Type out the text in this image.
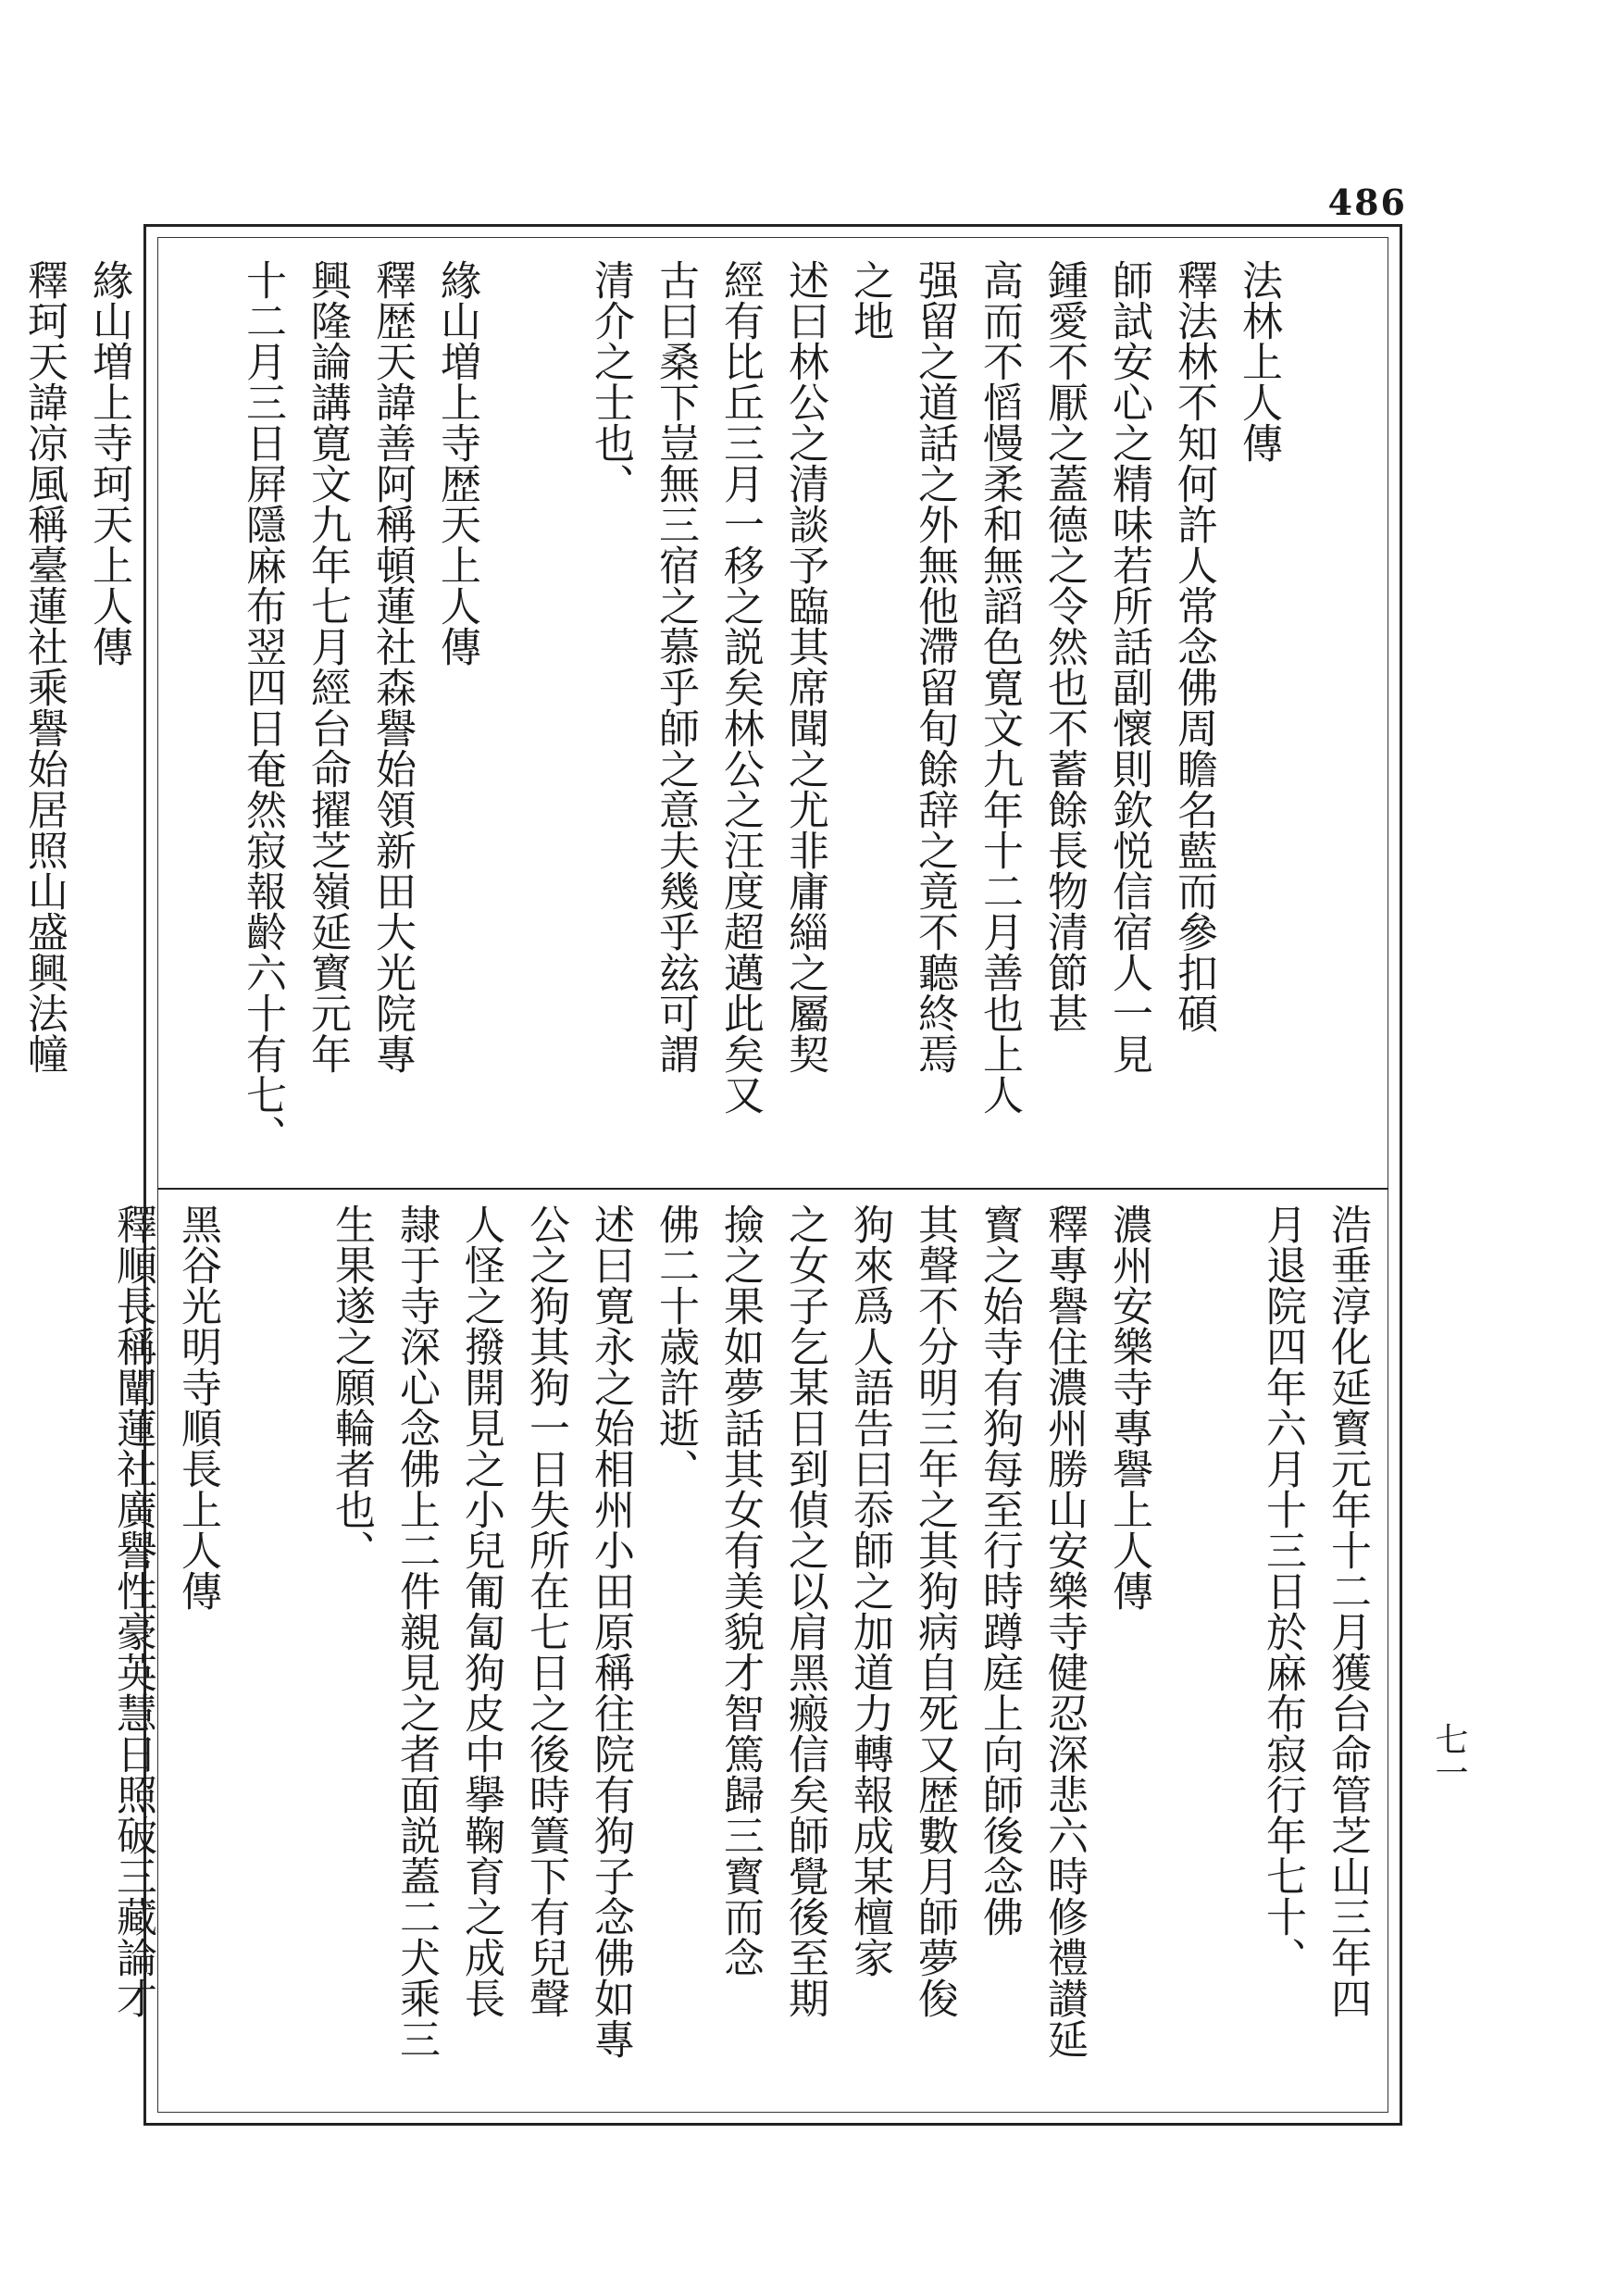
486
七一
法林上人傳
釋法林不知何許人常念佛周瞻名藍而參扣碩
師試安心之精味若所話副懷則欽悦信宿人一見
鍾愛不厭之蓋德之令然也不蓄餘長物清節甚
高而不慆慢柔和無謟色寛文九年十二月善也上人
强留之道話之外無他滯留旬餘辞之竟不聽終焉
之地
述曰林公之清談予臨其席聞之尤非庸緇之屬契
經有比丘三月一移之説矣林公之汪度超邁此矣又
古曰桑下豈無三宿之慕乎師之意夫幾乎玆可謂
清介之士也、
緣山増上寺歴天上人傳
釋歴天諱善阿稱頓蓮社森譽始領新田大光院專
興隆論講寛文九年七月經台命擢芝嶺延寳元年
十二月三日屛隱麻布翌四日奄然寂報齡六十有七、
緣山増上寺珂天上人傳
釋珂天諱凉風稱臺蓮社乘譽始居照山盛興法幢
浩垂淳化延寳元年十二月獲台命管芝山三年四
月退院四年六月十三日於麻布寂行年七十、
濃州安樂寺專譽上人傳
釋專譽住濃州勝山安樂寺健忍深悲六時修禮讃延
寳之始寺有狗每至行時蹲庭上向師後念佛
其聲不分明三年之其狗病自死又歴數月師夢俊
狗來爲人語告曰忝師之加道力轉報成某檀家
之女子乞某日到偵之以肩黑瘢信矣師覺後至期
撿之果如夢話其女有美貌才智篤歸三寳而念
佛二十歳許逝、
述曰寛永之始相州小田原稱往院有狗子念佛如專
公之狗其狗一日失所在七日之後時簀下有兒聲
人怪之撥開見之小兒匍匐狗皮中擧鞠育之成長
隷于寺深心念佛上二件親見之者面説蓋二犬乘三
生果遂之願輪者也、
黑谷光明寺順長上人傳
釋順長稱闡蓮社廣譽性豪英慧日照破三藏論才
